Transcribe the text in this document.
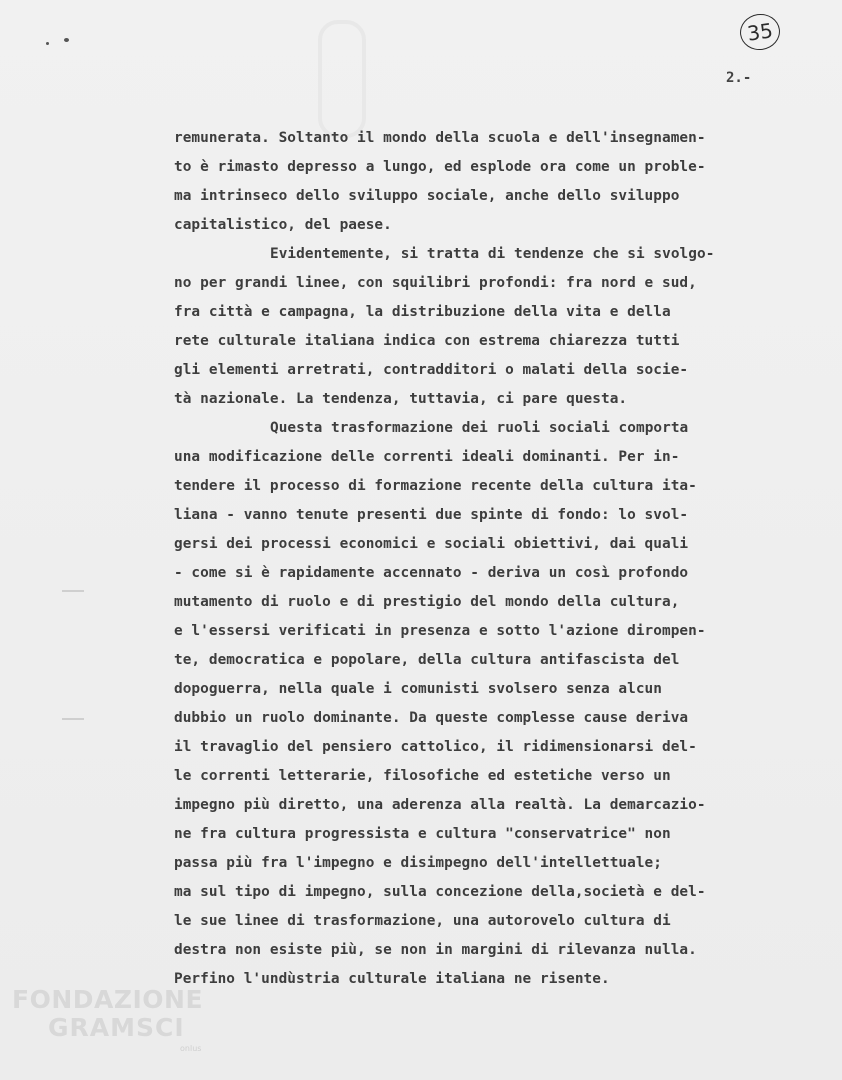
35
2.-
remunerata. Soltanto il mondo della scuola e dell'insegnamen-
to è rimasto depresso a lungo, ed esplode ora come un proble-
ma intrinseco dello sviluppo sociale, anche dello sviluppo
capitalistico, del paese.
Evidentemente, si tratta di tendenze che si svolgo-
no per grandi linee, con squilibri profondi: fra nord e sud,
fra città e campagna, la distribuzione della vita e della
rete culturale italiana indica con estrema chiarezza tutti
gli elementi arretrati, contradditori o malati della socie-
tà nazionale. La tendenza, tuttavia, ci pare questa.
Questa trasformazione dei ruoli sociali comporta
una modificazione delle correnti ideali dominanti. Per in-
tendere il processo di formazione recente della cultura ita-
liana - vanno tenute presenti due spinte di fondo: lo svol-
gersi dei processi economici e sociali obiettivi, dai quali
- come si è rapidamente accennato - deriva un così profondo
mutamento di ruolo e di prestigio del mondo della cultura,
e l'essersi verificati in presenza e sotto l'azione dirompen-
te, democratica e popolare, della cultura antifascista del
dopoguerra, nella quale i comunisti svolsero senza alcun
dubbio un ruolo dominante. Da queste complesse cause deriva
il travaglio del pensiero cattolico, il ridimensionarsi del-
le correnti letterarie, filosofiche ed estetiche verso un
impegno più diretto, una aderenza alla realtà. La demarcazio-
ne fra cultura progressista e cultura "conservatrice" non
passa più fra l'impegno e disimpegno dell'intellettuale;
ma sul tipo di impegno, sulla concezione della,società e del-
le sue linee di trasformazione, una autorovelo cultura di
destra non esiste più, se non in margini di rilevanza nulla.
Perfino l'undùstria culturale italiana ne risente.
FONDAZIONE
GRAMSCI
onlus
